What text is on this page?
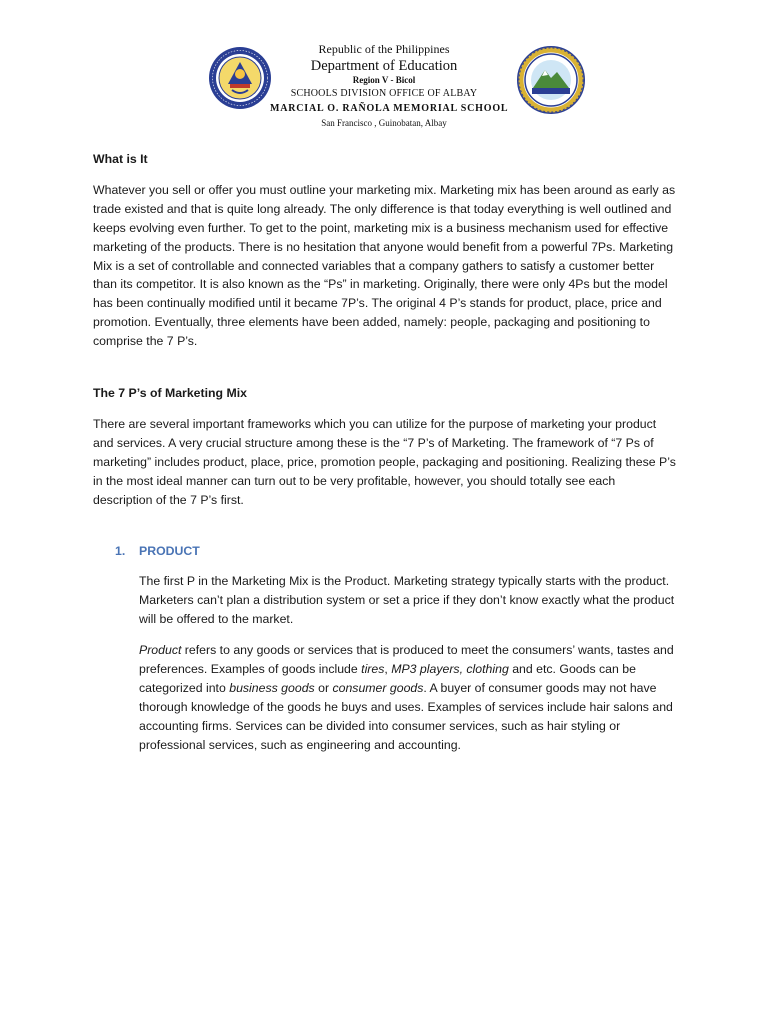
Republic of the Philippines
Department of Education
Region V - Bicol
SCHOOLS DIVISION OFFICE OF ALBAY
MARCIAL O. RAÑOLA MEMORIAL SCHOOL
San Francisco , Guinobatan, Albay

What is It

Whatever you sell or offer you must outline your marketing mix. Marketing mix has been around as early as trade existed and that is quite long already. The only difference is that today everything is well outlined and keeps evolving even further. To get to the point, marketing mix is a business mechanism used for effective marketing of the products. There is no hesitation that anyone would benefit from a powerful 7Ps. Marketing Mix is a set of controllable and connected variables that a company gathers to satisfy a customer better than its competitor. It is also known as the “Ps” in marketing. Originally, there were only 4Ps but the model has been continually modified until it became 7P’s. The original 4 P’s stands for product, place, price and promotion. Eventually, three elements have been added, namely: people, packaging and positioning to comprise the 7 P’s.

The 7 P’s of Marketing Mix

There are several important frameworks which you can utilize for the purpose of marketing your product and services. A very crucial structure among these is the “7 P’s of Marketing. The framework of “7 Ps of marketing” includes product, place, price, promotion people, packaging and positioning. Realizing these P’s in the most ideal manner can turn out to be very profitable, however, you should totally see each description of the 7 P’s first.

1. PRODUCT

The first P in the Marketing Mix is the Product. Marketing strategy typically starts with the product. Marketers can’t plan a distribution system or set a price if they don’t know exactly what the product will be offered to the market.

Product refers to any goods or services that is produced to meet the consumers’ wants, tastes and preferences. Examples of goods include tires, MP3 players, clothing and etc. Goods can be categorized into business goods or consumer goods. A buyer of consumer goods may not have thorough knowledge of the goods he buys and uses. Examples of services include hair salons and accounting firms. Services can be divided into consumer services, such as hair styling or professional services, such as engineering and accounting.
